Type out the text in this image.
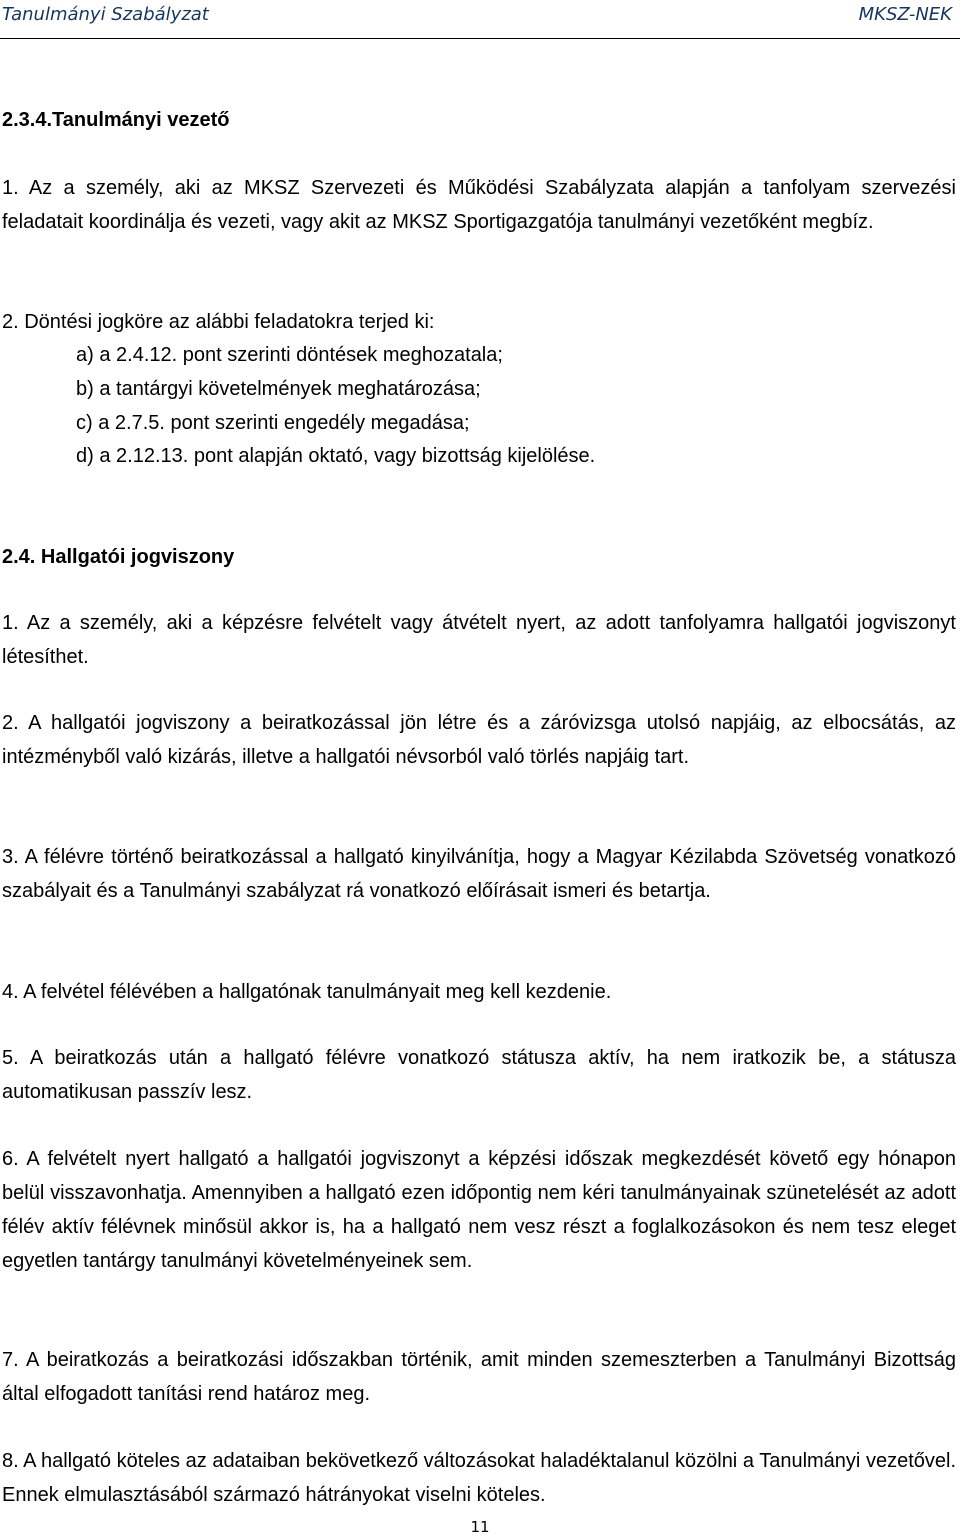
Tanulmányi Szabályzat	MKSZ-NEK

2.3.4.Tanulmányi vezető

1. Az a személy, aki az MKSZ Szervezeti és Működési Szabályzata alapján a tanfolyam szervezési feladatait koordinálja és vezeti, vagy akit az MKSZ Sportigazgatója tanulmányi vezetőként megbíz.

2. Döntési jogköre az alábbi feladatokra terjed ki:

a) a 2.4.12. pont szerinti döntések meghozatala;

b) a tantárgyi követelmények meghatározása;

c) a 2.7.5. pont szerinti engedély megadása;

d) a 2.12.13. pont alapján oktató, vagy bizottság kijelölése.

2.4. Hallgatói jogviszony

1. Az a személy, aki a képzésre felvételt vagy átvételt nyert, az adott tanfolyamra hallgatói jogviszonyt létesíthet.

2. A hallgatói jogviszony a beiratkozással jön létre és a záróvizsga utolsó napjáig, az elbocsátás, az intézményből való kizárás, illetve a hallgatói névsorból való törlés napjáig tart.

3. A félévre történő beiratkozással a hallgató kinyilvánítja, hogy a Magyar Kézilabda Szövetség vonatkozó szabályait és a Tanulmányi szabályzat rá vonatkozó előírásait ismeri és betartja.

4. A felvétel félévében a hallgatónak tanulmányait meg kell kezdenie.

5. A beiratkozás után a hallgató félévre vonatkozó státusza aktív, ha nem iratkozik be, a státusza automatikusan passzív lesz.

6. A felvételt nyert hallgató a hallgatói jogviszonyt a képzési időszak megkezdését követő egy hónapon belül visszavonhatja. Amennyiben a hallgató ezen időpontig nem kéri tanulmányainak szünetelését az adott félév aktív félévnek minősül akkor is, ha a hallgató nem vesz részt a foglalkozásokon és nem tesz eleget egyetlen tantárgy tanulmányi követelményeinek sem.

7. A beiratkozás a beiratkozási időszakban történik, amit minden szemeszterben a Tanulmányi Bizottság által elfogadott tanítási rend határoz meg.

8. A hallgató köteles az adataiban bekövetkező változásokat haladéktalanul közölni a Tanulmányi vezetővel. Ennek elmulasztásából származó hátrányokat viselni köteles.

11
